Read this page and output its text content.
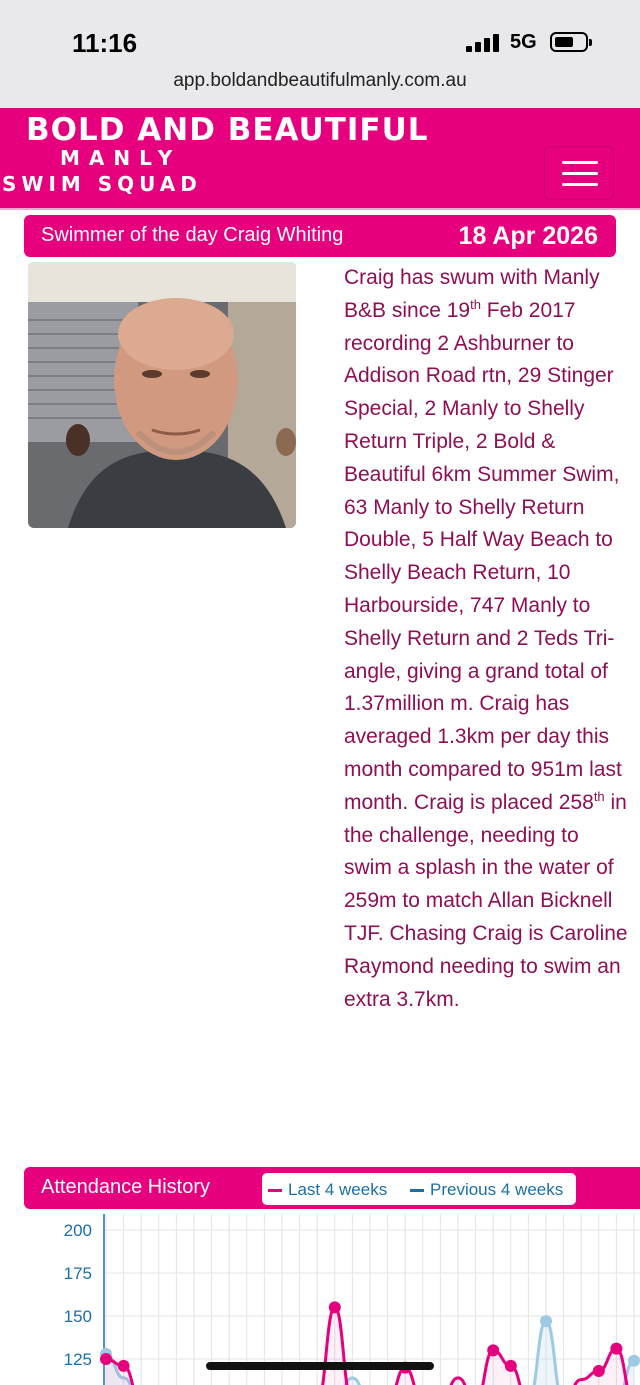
11:16	5G
app.boldandbeautifulmanly.com.au
BOLD AND BEAUTIFUL
MANLY
SWIM SQUAD
Swimmer of the day Craig Whiting	18 Apr 2026
Craig has swum with Manly B&B since 19th Feb 2017 recording 2 Ashburner to Addison Road rtn, 29 Stinger Special, 2 Manly to Shelly Return Triple, 2 Bold & Beautiful 6km Summer Swim, 63 Manly to Shelly Return Double, 5 Half Way Beach to Shelly Beach Return, 10 Harbourside, 747 Manly to Shelly Return and 2 Teds Tri-angle, giving a grand total of 1.37million m. Craig has averaged 1.3km per day this month compared to 951m last month. Craig is placed 258th in the challenge, needing to swim a splash in the water of 259m to match Allan Bicknell TJF. Chasing Craig is Caroline Raymond needing to swim an extra 3.7km.
Attendance History	Last 4 weeks	Previous 4 weeks
200
175
150
125
